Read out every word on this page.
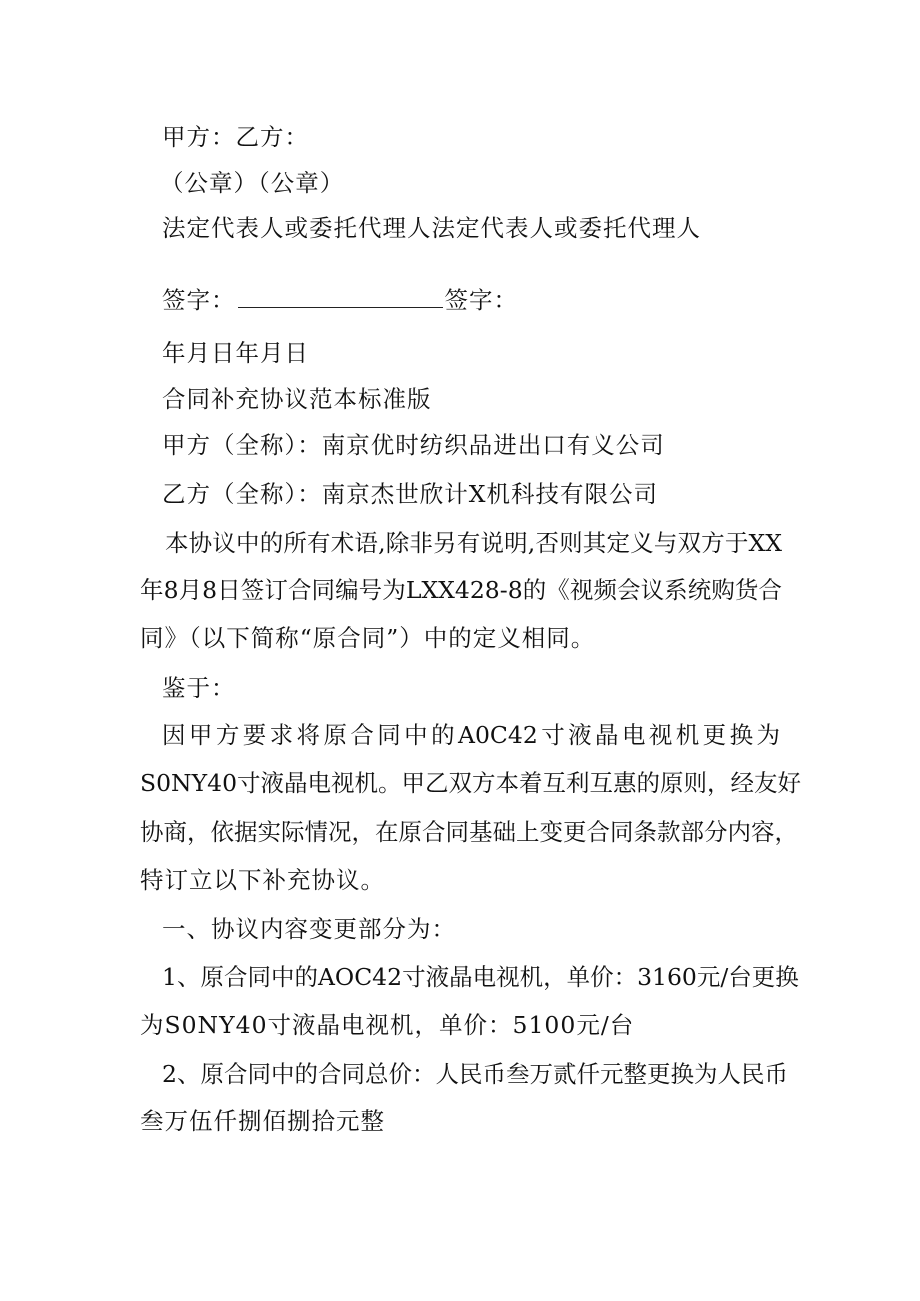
甲方：乙方：
（公章）（公章）
法定代表人或委托代理人法定代表人或委托代理人
签字：	签字：
年月日年月日
合同补充协议范本标准版
甲方（全称）：南京优时纺织品进出口有义公司
乙方（全称）：南京杰世欣计X机科技有限公司
本协议中的所有术语,除非另有说明,否则其定义与双方于XX
年8月8日签订合同编号为LXX428-8的《视频会议系统购货合
同》（以下简称“原合同”）中的定义相同。
鉴于：
因甲方要求将原合同中的A0C42寸液晶电视机更换为
S0NY40寸液晶电视机。甲乙双方本着互利互惠的原则，经友好
协商，依据实际情况，在原合同基础上变更合同条款部分内容，
特订立以下补充协议。
一、协议内容变更部分为：
1、原合同中的AOC42寸液晶电视机，单价：3160元/台更换
为S0NY40寸液晶电视机，单价：5100元/台
2、原合同中的合同总价：人民币叁万贰仟元整更换为人民币
叁万伍仟捌佰捌拾元整
